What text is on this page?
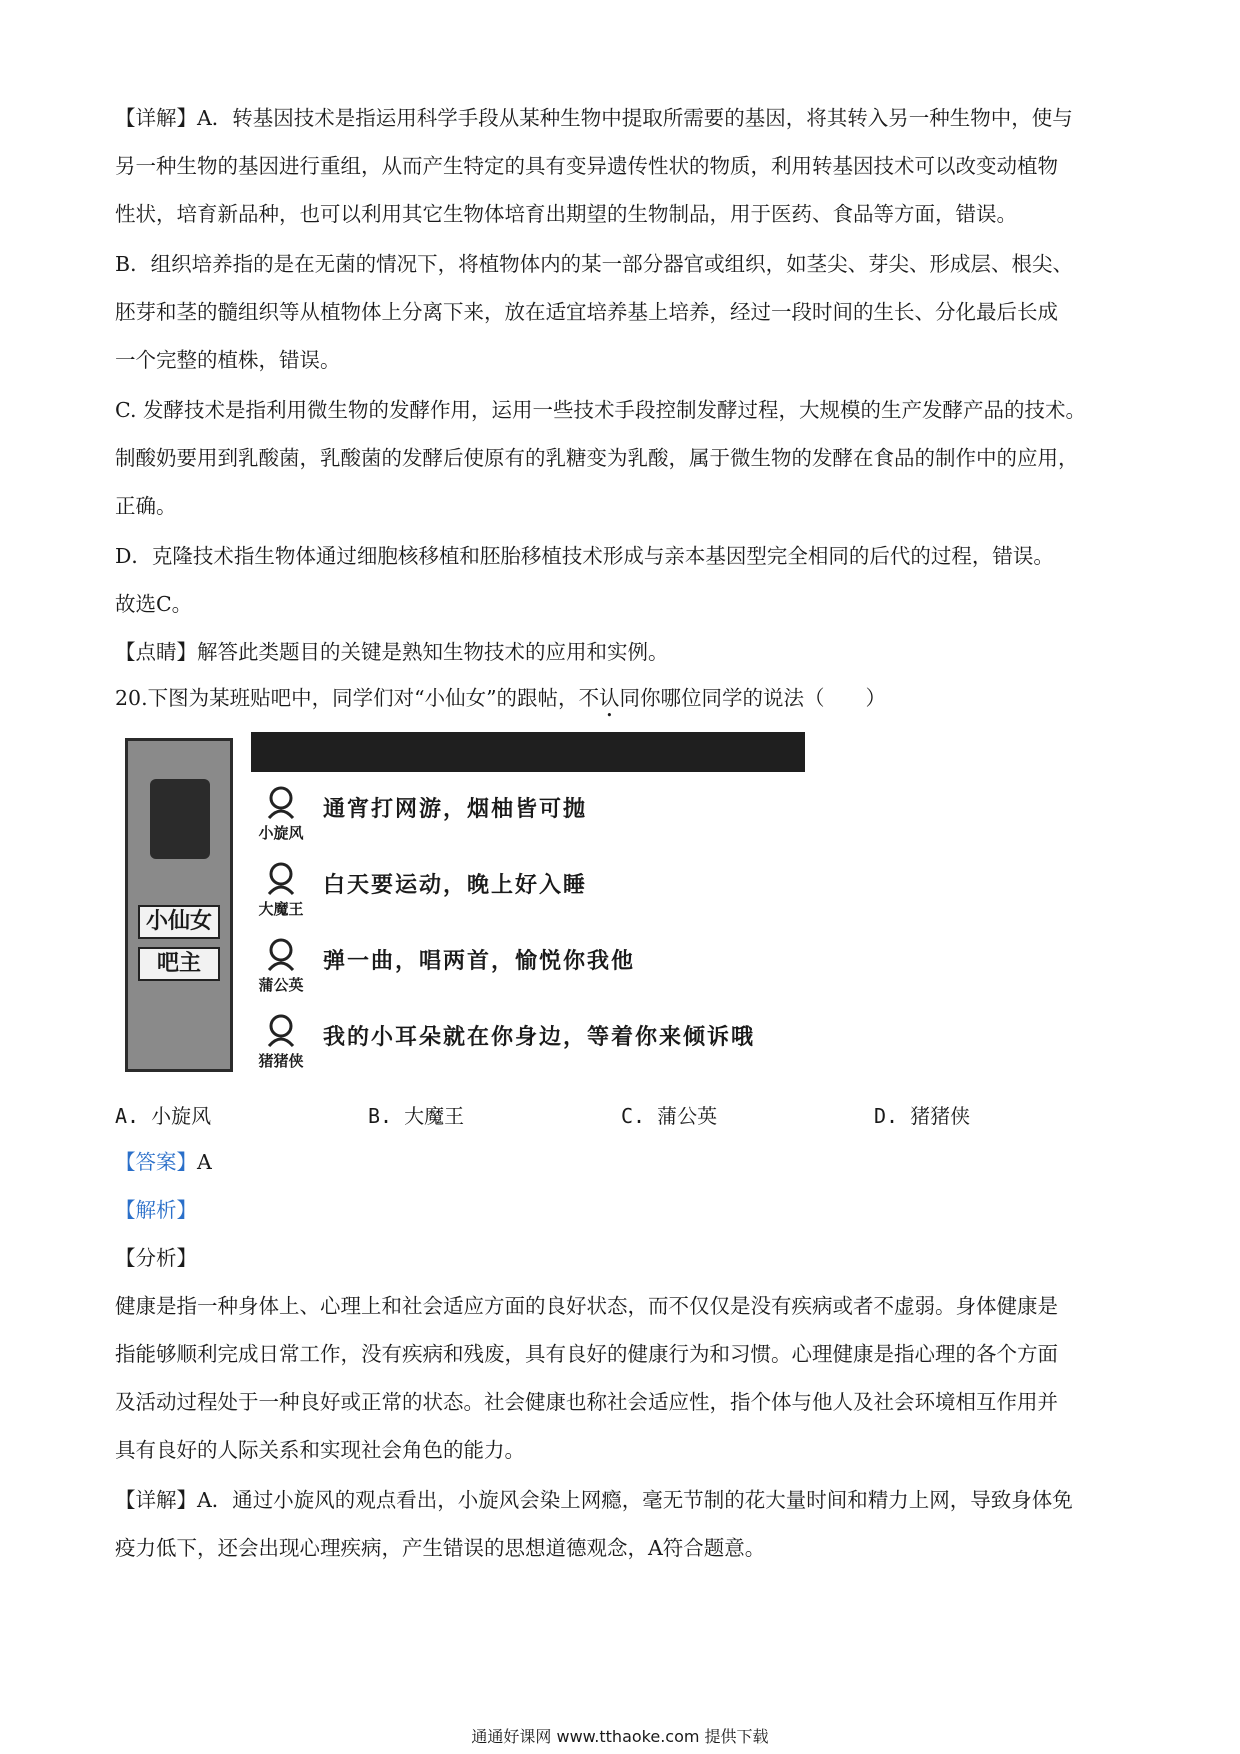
【详解】A．转基因技术是指运用科学手段从某种生物中提取所需要的基因，将其转入另一种生物中，使与
另一种生物的基因进行重组，从而产生特定的具有变异遗传性状的物质，利用转基因技术可以改变动植物
性状，培育新品种，也可以利用其它生物体培育出期望的生物制品，用于医药、食品等方面，错误。
B．组织培养指的是在无菌的情况下，将植物体内的某一部分器官或组织，如茎尖、芽尖、形成层、根尖、
胚芽和茎的髓组织等从植物体上分离下来，放在适宜培养基上培养，经过一段时间的生长、分化最后长成
一个完整的植株，错误。
C. 发酵技术是指利用微生物的发酵作用，运用一些技术手段控制发酵过程，大规模的生产发酵产品的技术。
制酸奶要用到乳酸菌，乳酸菌的发酵后使原有的乳糖变为乳酸，属于微生物的发酵在食品的制作中的应用，
正确。
D．克隆技术指生物体通过细胞核移植和胚胎移植技术形成与亲本基因型完全相同的后代的过程，错误。
故选C。
【点睛】解答此类题目的关键是熟知生物技术的应用和实例。
20.下图为某班贴吧中，同学们对“小仙女”的跟帖，不认同你哪位同学的说法（　　）
小仙女
吧主
小旋风
通宵打网游，烟柚皆可抛
大魔王
白天要运动，晚上好入睡
蒲公英
弹一曲，唱两首，愉悦你我他
猪猪侠
我的小耳朵就在你身边，等着你来倾诉哦
A. 小旋风	B. 大魔王	C. 蒲公英	D. 猪猪侠
【答案】A
【解析】
【分析】
健康是指一种身体上、心理上和社会适应方面的良好状态，而不仅仅是没有疾病或者不虚弱。身体健康是
指能够顺利完成日常工作，没有疾病和残废，具有良好的健康行为和习惯。心理健康是指心理的各个方面
及活动过程处于一种良好或正常的状态。社会健康也称社会适应性，指个体与他人及社会环境相互作用并
具有良好的人际关系和实现社会角色的能力。
【详解】A．通过小旋风的观点看出，小旋风会染上网瘾，毫无节制的花大量时间和精力上网，导致身体免
疫力低下，还会出现心理疾病，产生错误的思想道德观念，A符合题意。
通通好课网 www.tthaoke.com 提供下载
